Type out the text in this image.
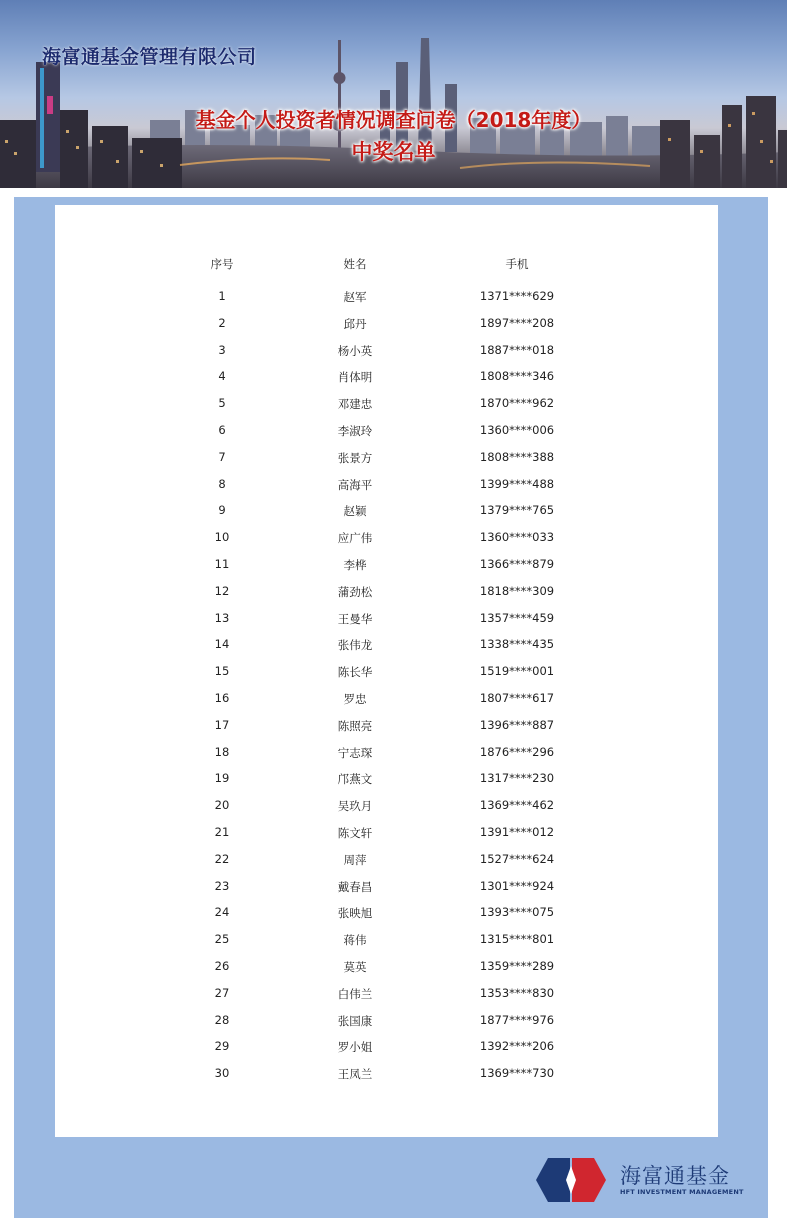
海富通基金管理有限公司
基金个人投资者情况调查问卷（2018年度）
中奖名单
序号	姓名	手机
1	赵军	1371****629
2	邱丹	1897****208
3	杨小英	1887****018
4	肖体明	1808****346
5	邓建忠	1870****962
6	李淑玲	1360****006
7	张景方	1808****388
8	高海平	1399****488
9	赵颖	1379****765
10	应广伟	1360****033
11	李桦	1366****879
12	蒲劲松	1818****309
13	王曼华	1357****459
14	张伟龙	1338****435
15	陈长华	1519****001
16	罗忠	1807****617
17	陈照亮	1396****887
18	宁志琛	1876****296
19	邝燕文	1317****230
20	吴玖月	1369****462
21	陈文轩	1391****012
22	周萍	1527****624
23	戴春昌	1301****924
24	张映旭	1393****075
25	蒋伟	1315****801
26	莫英	1359****289
27	白伟兰	1353****830
28	张国康	1877****976
29	罗小姐	1392****206
30	王凤兰	1369****730
海富通基金
HFT INVESTMENT MANAGEMENT
